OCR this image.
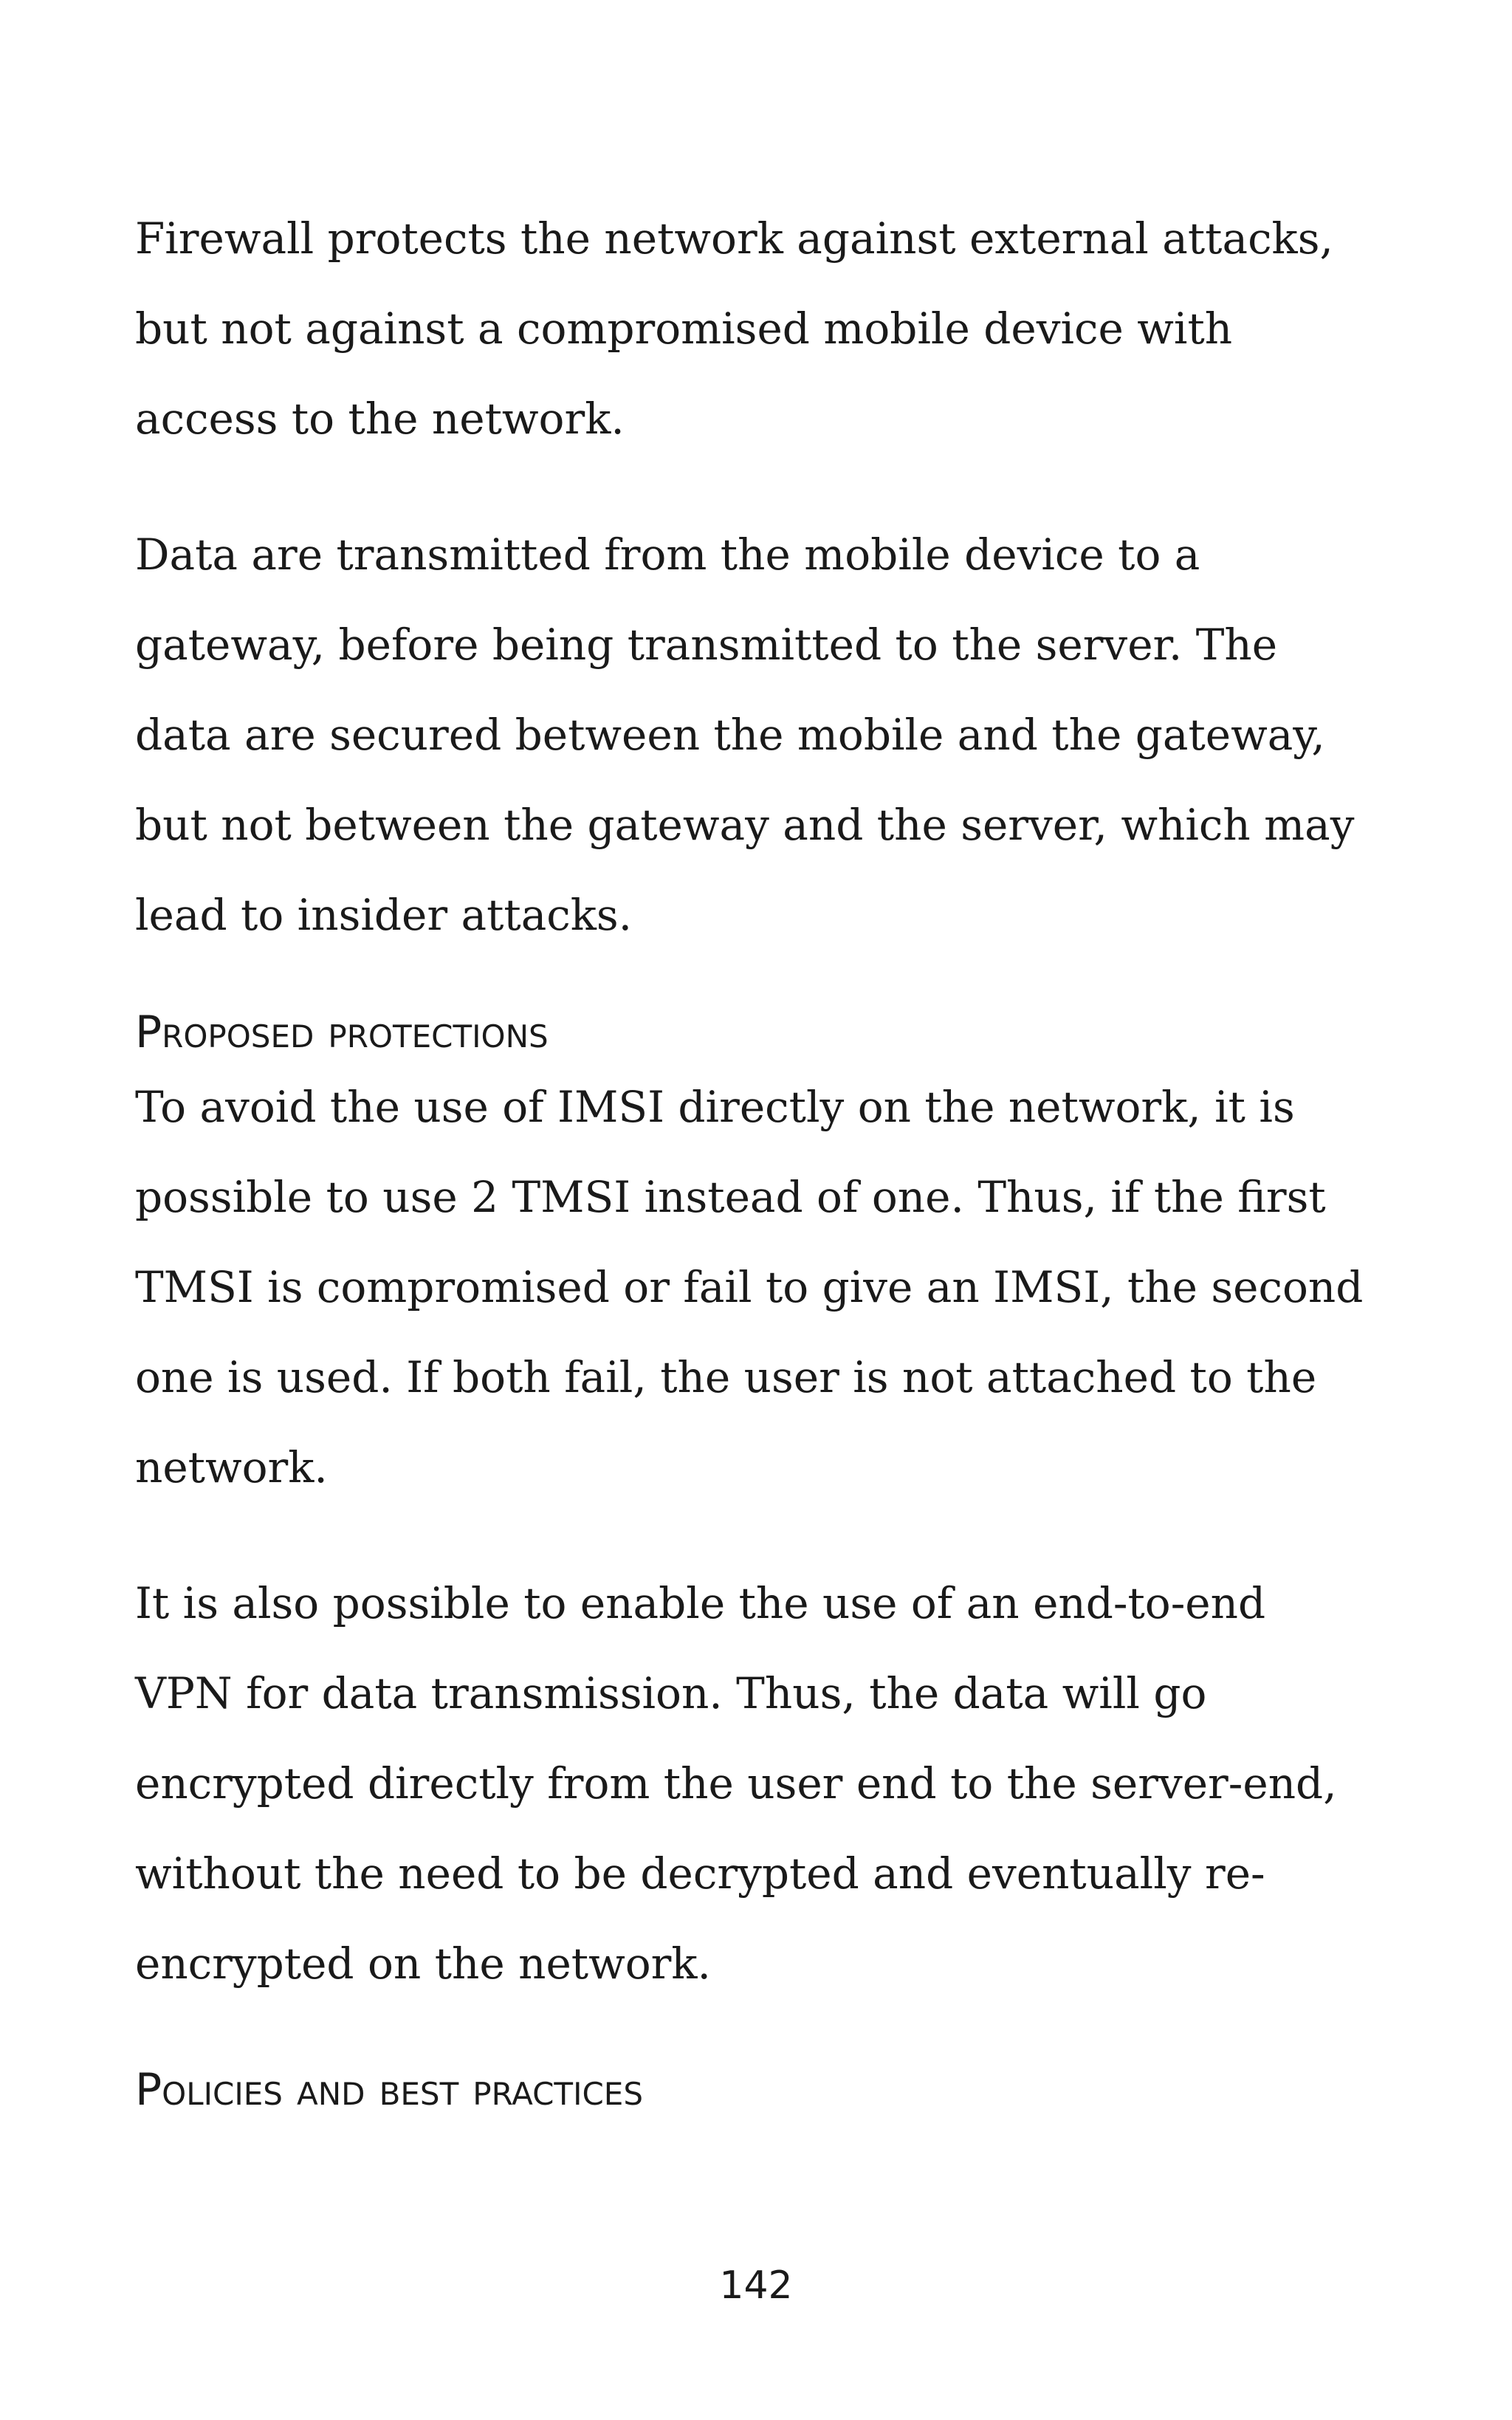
Firewall protects the network against external attacks,
but not against a compromised mobile device with
access to the network.

Data are transmitted from the mobile device to a
gateway, before being transmitted to the server. The
data are secured between the mobile and the gateway,
but not between the gateway and the server, which may
lead to insider attacks.

Proposed protections

To avoid the use of IMSI directly on the network, it is
possible to use 2 TMSI instead of one. Thus, if the first
TMSI is compromised or fail to give an IMSI, the second
one is used. If both fail, the user is not attached to the
network.

It is also possible to enable the use of an end-to-end
VPN for data transmission. Thus, the data will go
encrypted directly from the user end to the server-end,
without the need to be decrypted and eventually re-
encrypted on the network.

Policies and best practices
142
